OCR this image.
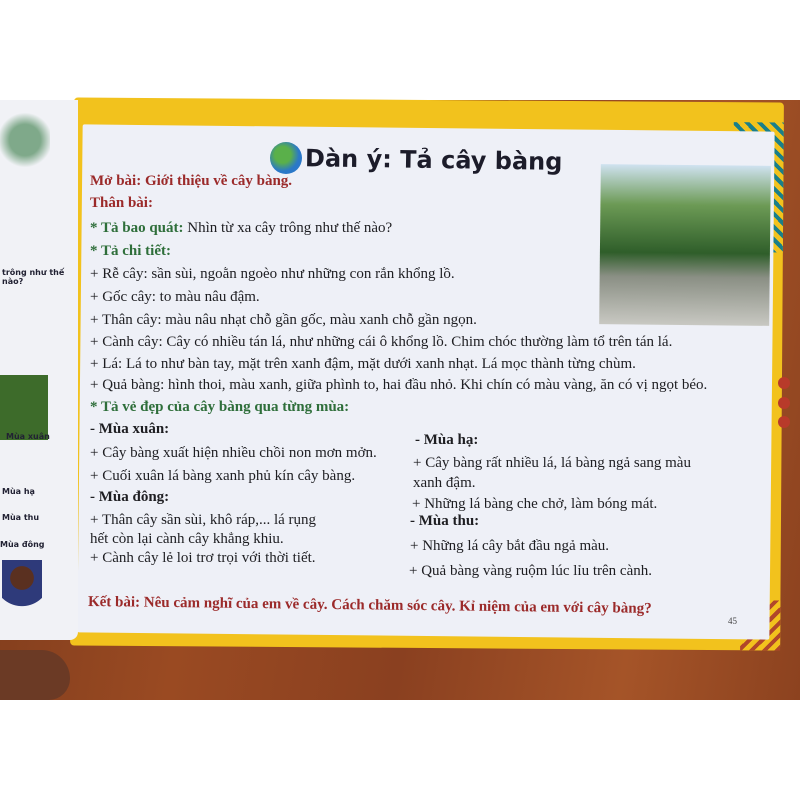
trông như thế nào?
Mùa xuân
Mùa hạ
Mùa thu
Mùa đông
Dàn ý: Tả cây bàng
Mở bài: Giới thiệu về cây bàng.
Thân bài:
* Tả bao quát: Nhìn từ xa cây trông như thế nào?
* Tả chi tiết:
+ Rễ cây: sần sùi, ngoằn ngoèo như những con rắn khổng lồ.
+ Gốc cây: to màu nâu đậm.
+ Thân cây: màu nâu nhạt chỗ gần gốc, màu xanh chỗ gần ngọn.
+ Cành cây: Cây có nhiều tán lá, như những cái ô khổng lồ. Chim chóc thường làm tổ trên tán lá.
+ Lá: Lá to như bàn tay, mặt trên xanh đậm, mặt dưới xanh nhạt. Lá mọc thành từng chùm.
+ Quả bàng: hình thoi, màu xanh, giữa phình to, hai đầu nhỏ. Khi chín có màu vàng, ăn có vị ngọt béo.
* Tả vẻ đẹp của cây bàng qua từng mùa:
- Mùa xuân:
+ Cây bàng xuất hiện nhiều chồi non mơn mởn.
+ Cuối xuân lá bàng xanh phủ kín cây bàng.
- Mùa đông:
+ Thân cây sần sùi, khô ráp,... lá rụng
hết còn lại cành cây khẳng khiu.
+ Cành cây lẻ loi trơ trọi với thời tiết.
- Mùa hạ:
+ Cây bàng rất nhiều lá, lá bàng ngả sang màu
xanh đậm.
+ Những lá bàng che chở, làm bóng mát.
- Mùa thu:
+ Những lá cây bắt đầu ngả màu.
+ Quả bàng vàng ruộm lúc lỉu trên cành.
Kết bài: Nêu cảm nghĩ của em về cây. Cách chăm sóc cây. Kỉ niệm của em với cây bàng?
45
